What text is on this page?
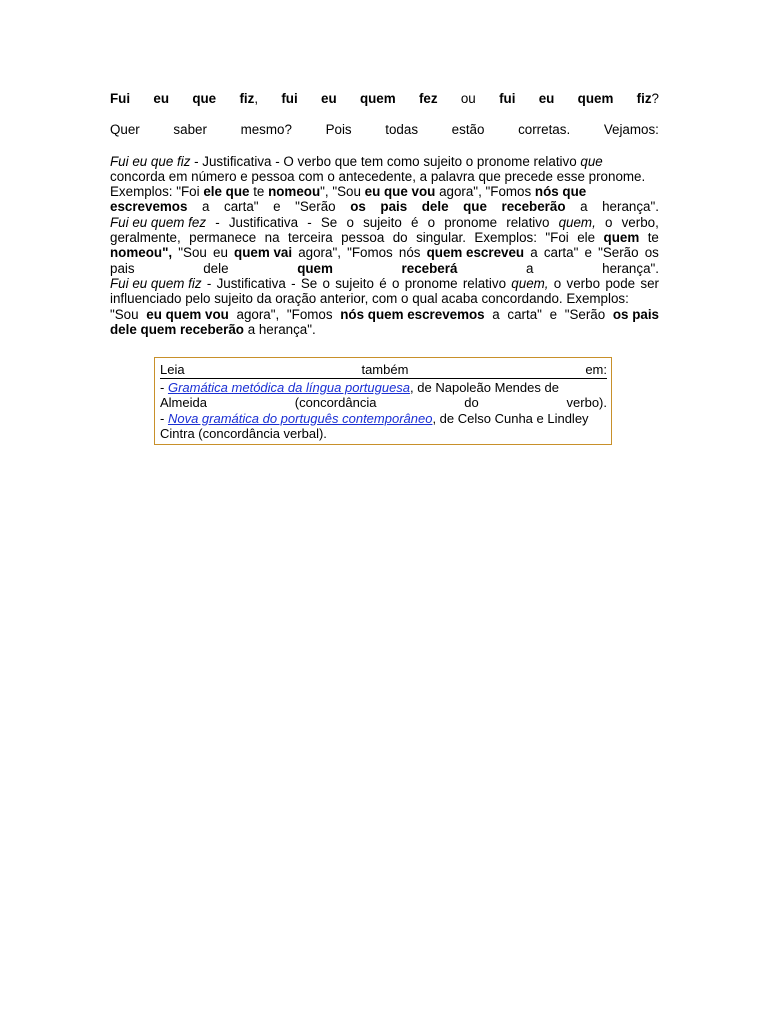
Fui eu que fiz, fui eu quem fez ou fui eu quem fiz?
Quer	saber	mesmo?	Pois	todas	estão	corretas.	Vejamos:
Fui eu que fiz - Justificativa - O verbo que tem como sujeito o pronome relativo que
concorda em número e pessoa com o antecedente, a palavra que precede esse pronome.
Exemplos: "Foi ele que te nomeou", "Sou eu que vou agora", "Fomos nós que
escrevemos a carta" e "Serão os pais dele que receberão a herança".
Fui eu quem fez - Justificativa - Se o sujeito é o pronome relativo quem, o verbo,
geralmente, permanece na terceira pessoa do singular. Exemplos: "Foi ele quem te
nomeou", "Sou eu quem vai agora", "Fomos nós quem escreveu a carta" e "Serão os
pais	dele	quem	receberá	a	herança".
Fui eu quem fiz - Justificativa - Se o sujeito é o pronome relativo quem, o verbo pode ser
influenciado pelo sujeito da oração anterior, com o qual acaba concordando. Exemplos:
"Sou eu quem vou agora", "Fomos nós quem escrevemos a carta" e "Serão os pais
dele quem receberão a herança".
Leia	também	em:
- Gramática metódica da língua portuguesa, de Napoleão Mendes de
Almeida	(concordância	do	verbo).
- Nova gramática do português contemporâneo, de Celso Cunha e Lindley
Cintra (concordância verbal).
